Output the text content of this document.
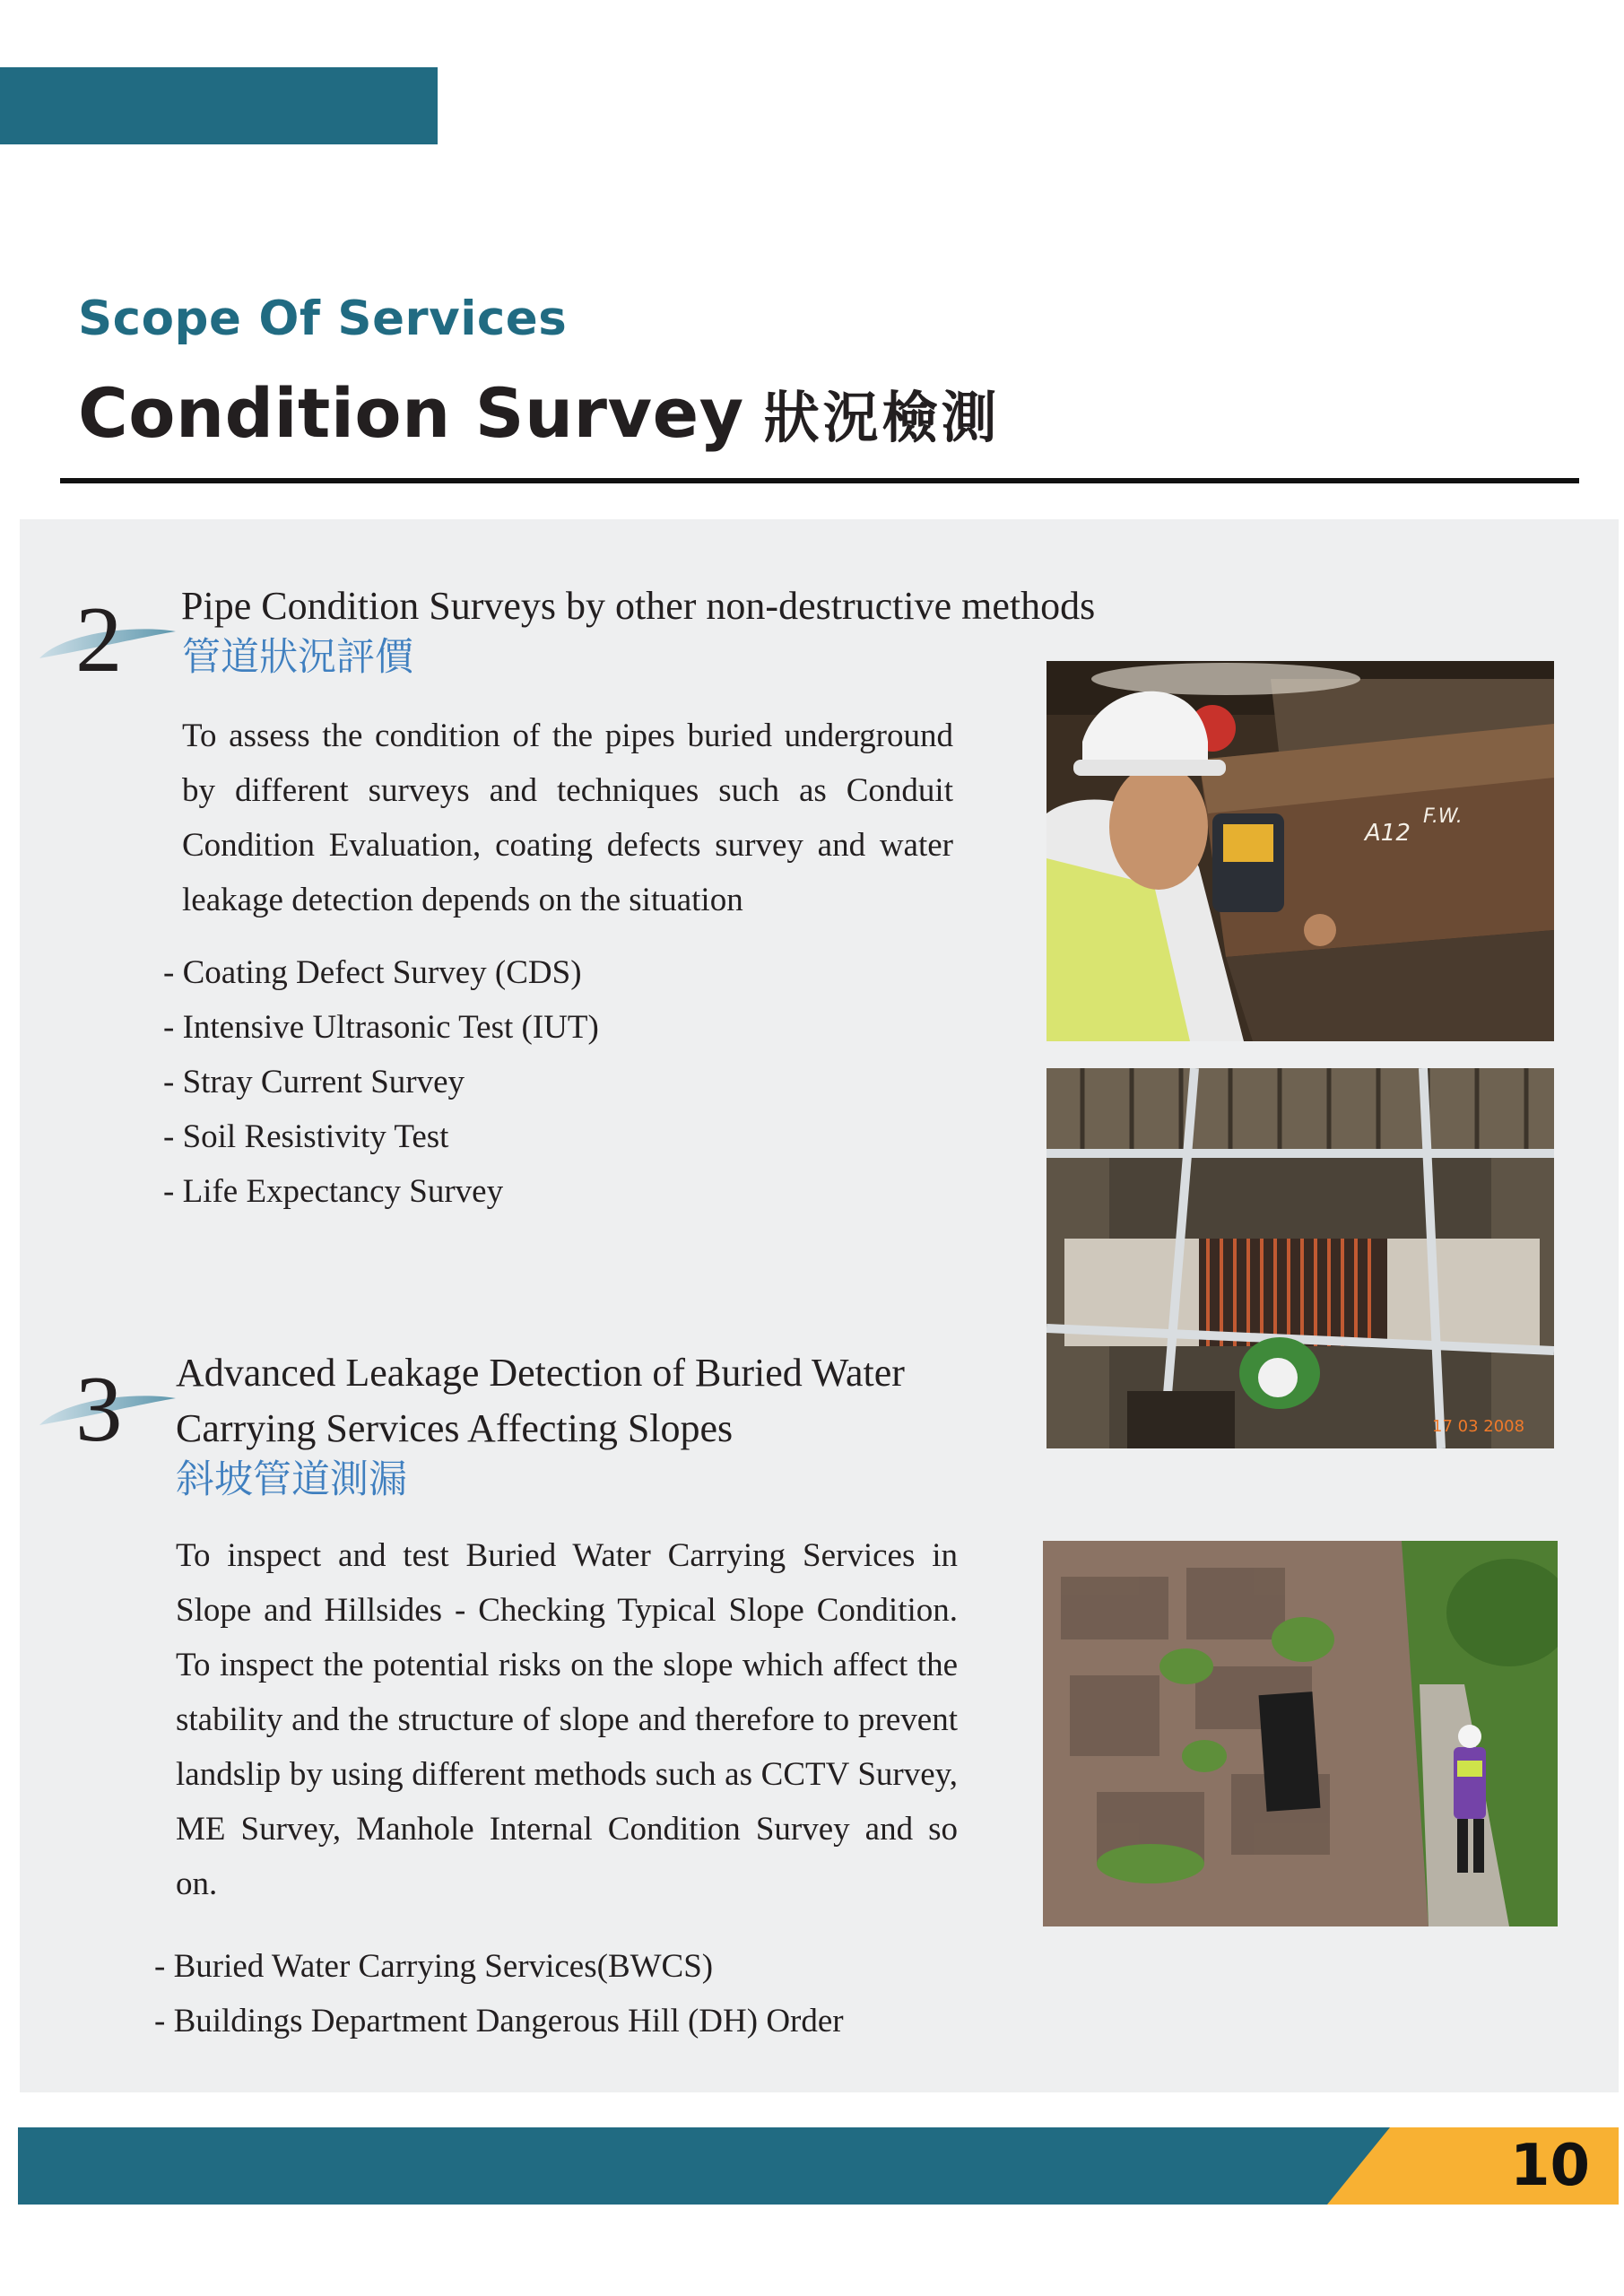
Scope Of Services
Condition Survey 狀況檢測
2 Pipe Condition Surveys by other non-destructive methods
管道狀況評價
To assess the condition of the pipes buried underground by different surveys and techniques such as Conduit Condition Evaluation, coating defects survey and water leakage detection depends on the situation
- Coating Defect Survey (CDS)
- Intensive Ultrasonic Test (IUT)
- Stray Current Survey
- Soil Resistivity Test
- Life Expectancy Survey
3 Advanced Leakage Detection of Buried Water
Carrying Services Affecting Slopes
斜坡管道測漏
To inspect and test Buried Water Carrying Services in Slope and Hillsides - Checking Typical Slope Condition. To inspect the potential risks on the slope which affect the stability and the structure of slope and therefore to prevent landslip by using different methods such as CCTV Survey, ME Survey, Manhole Internal Condition Survey and so on.
- Buried Water Carrying Services(BWCS)
- Buildings Department Dangerous Hill (DH) Order
A12
F.W.
17 03 2008
10
